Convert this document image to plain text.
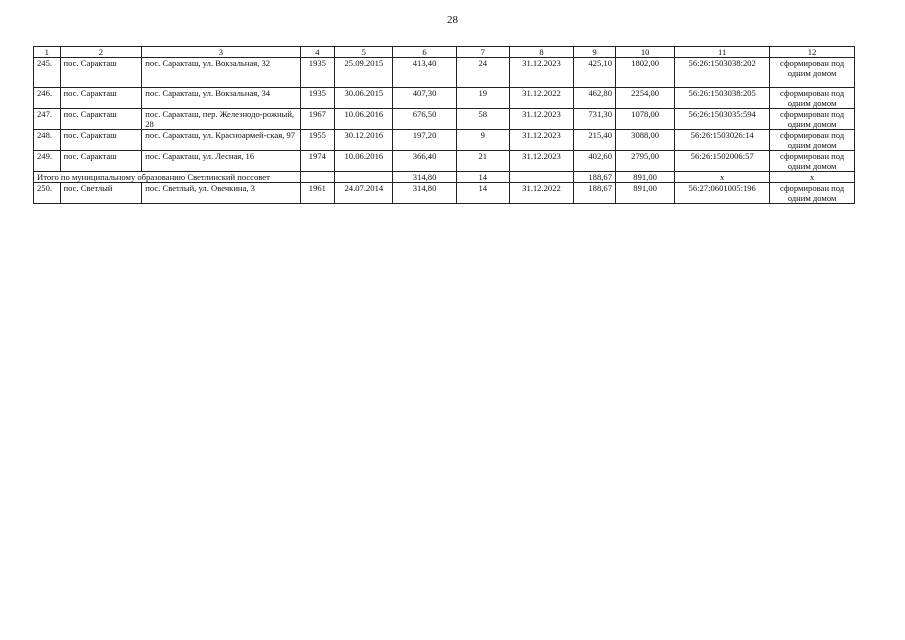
28
1	2	3	4	5	6	7	8	9	10	11	12
245.	пос. Саракташ	пос. Саракташ, ул. Вокзальная, 32	1935	25.09.2015	413,40	24	31.12.2023	425,10	1802,00	56:26:1503038:202	сформирован под одним домом
246.	пос. Саракташ	пос. Саракташ, ул. Вокзальная, 34	1935	30.06.2015	407,30	19	31.12.2022	462,80	2254,00	56:26:1503038:205	сформирован под одним домом
247.	пос. Саракташ	пос. Саракташ, пер. Железнодо-рожный, 28	1967	10.06.2016	676,50	58	31.12.2023	731,30	1078,00	56:26:1503035:594	сформирован под одним домом
248.	пос. Саракташ	пос. Саракташ, ул. Красноармей-ская, 97	1955	30.12.2016	197,20	9	31.12.2023	215,40	3088,00	56:26:1503026:14	сформирован под одним домом
249.	пос. Саракташ	пос. Саракташ, ул. Лесная, 16	1974	10.06.2016	366,40	21	31.12.2023	402,60	2795,00	56:26:1502006:57	сформирован под одним домом
Итого по муниципальному образованию Светлинский поссовет					314,80	14		188,67	891,00	x	x
250.	пос. Светлый	пос. Светлый, ул. Овечкина, 3	1961	24.07.2014	314,80	14	31.12.2022	188,67	891,00	56:27:0601005:196	сформирован под одним домом
